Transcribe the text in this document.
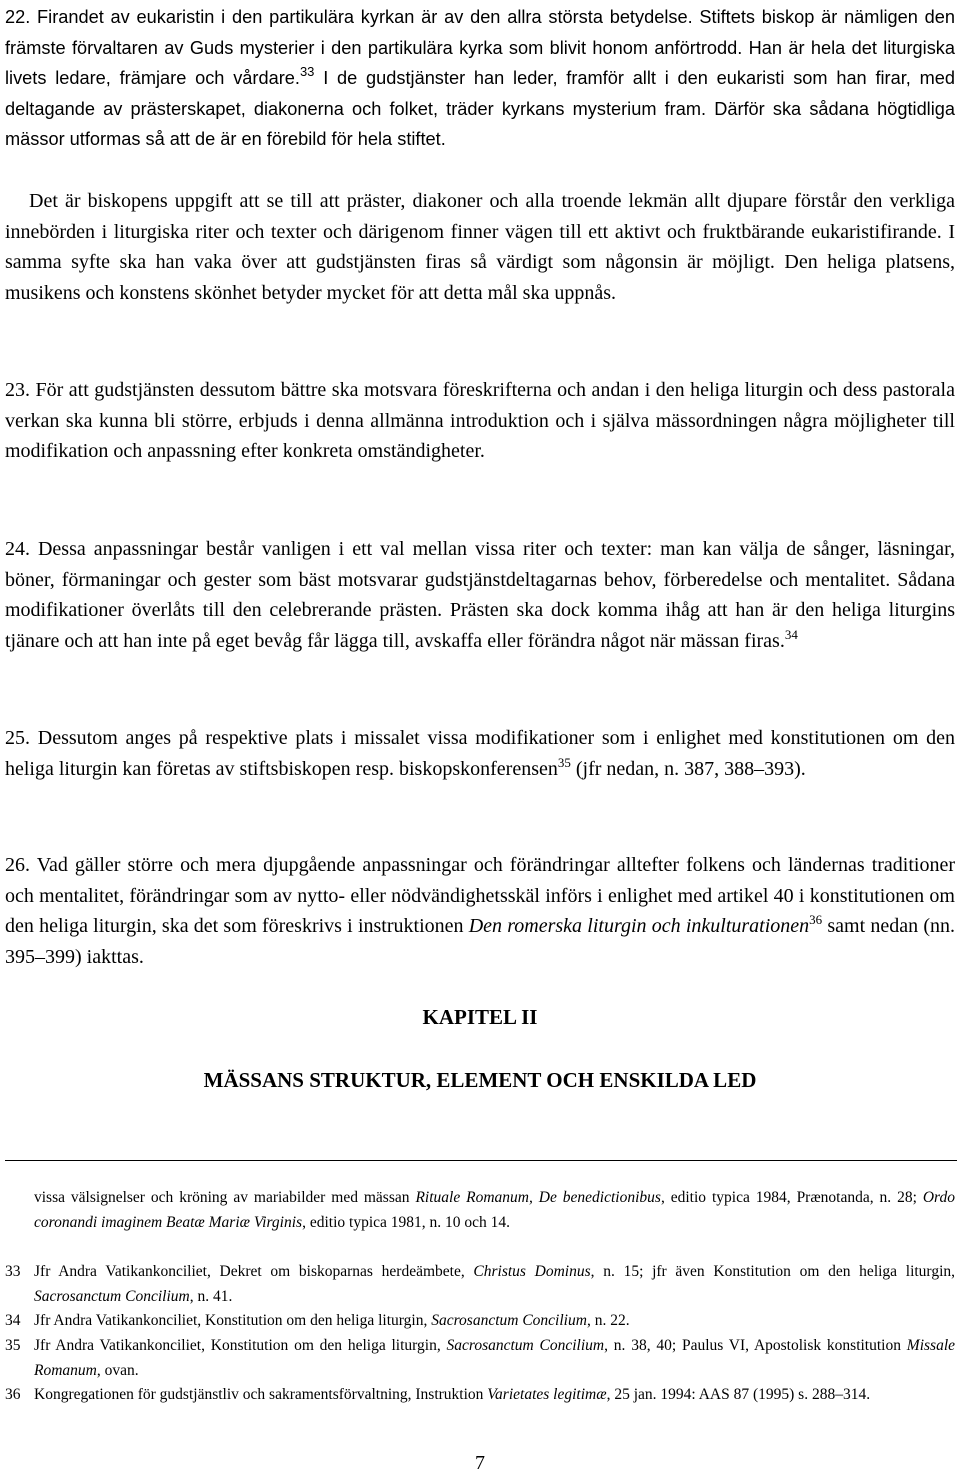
22. Firandet av eukaristin i den partikulära kyrkan är av den allra största betydelse. Stiftets biskop är nämligen den främste förvaltaren av Guds mysterier i den partikulära kyrka som blivit honom anförtrodd. Han är hela det liturgiska livets ledare, främjare och vårdare.$^{33}$ I de gudstjänster han leder, framför allt i den eukaristi som han firar, med deltagande av prästerskapet, diakonerna och folket, träder kyrkans mysterium fram. Därför ska sådana högtidliga mässor utformas så att de är en förebild för hela stiftet.

Det är biskopens uppgift att se till att präster, diakoner och alla troende lekmän allt djupare förstår den verkliga innebörden i liturgiska riter och texter och därigenom finner vägen till ett aktivt och fruktbärande eukaristifirande. I samma syfte ska han vaka över att gudstjänsten firas så värdigt som någonsin är möjligt. Den heliga platsens, musikens och konstens skönhet betyder mycket för att detta mål ska uppnås.

23. För att gudstjänsten dessutom bättre ska motsvara föreskrifterna och andan i den heliga liturgin och dess pastorala verkan ska kunna bli större, erbjuds i denna allmänna introduktion och i själva mässordningen några möjligheter till modifikation och anpassning efter konkreta omständigheter.

24. Dessa anpassningar består vanligen i ett val mellan vissa riter och texter: man kan välja de sånger, läsningar, böner, förmaningar och gester som bäst motsvarar gudstjänstdeltagarnas behov, förberedelse och mentalitet. Sådana modifikationer överlåts till den celebrerande prästen. Prästen ska dock komma ihåg att han är den heliga liturgins tjänare och att han inte på eget bevåg får lägga till, avskaffa eller förändra något när mässan firas.$^{34}$

25. Dessutom anges på respektive plats i missalet vissa modifikationer som i enlighet med konstitutionen om den heliga liturgin kan företas av stiftsbiskopen resp. biskopskonferensen$^{35}$ (jfr nedan, n. 387, 388–393).

26. Vad gäller större och mera djupgående anpassningar och förändringar alltefter folkens och ländernas traditioner och mentalitet, förändringar som av nytto- eller nödvändighetsskäl införs i enlighet med artikel 40 i konstitutionen om den heliga liturgin, ska det som föreskrivs i instruktionen Den romerska liturgin och inkulturationen$^{36}$ samt nedan (nn. 395–399) iakttas.

KAPITEL II
MÄSSANS STRUKTUR, ELEMENT OCH ENSKILDA LED
vissa välsignelser och kröning av mariabilder med mässan Rituale Romanum, De benedictionibus, editio typica 1984, Prænotanda, n. 28; Ordo coronandi imaginem Beatæ Mariæ Virginis, editio typica 1981, n. 10 och 14.
33 Jfr Andra Vatikankonciliet, Dekret om biskoparnas herdeämbete, Christus Dominus, n. 15; jfr även Konstitution om den heliga liturgin, Sacrosanctum Concilium, n. 41.
34 Jfr Andra Vatikankonciliet, Konstitution om den heliga liturgin, Sacrosanctum Concilium, n. 22.
35 Jfr Andra Vatikankonciliet, Konstitution om den heliga liturgin, Sacrosanctum Concilium, n. 38, 40; Paulus VI, Apostolisk konstitution Missale Romanum, ovan.
36 Kongregationen för gudstjänstliv och sakramentsförvaltning, Instruktion Varietates legitimæ, 25 jan. 1994: AAS 87 (1995) s. 288–314.
7
